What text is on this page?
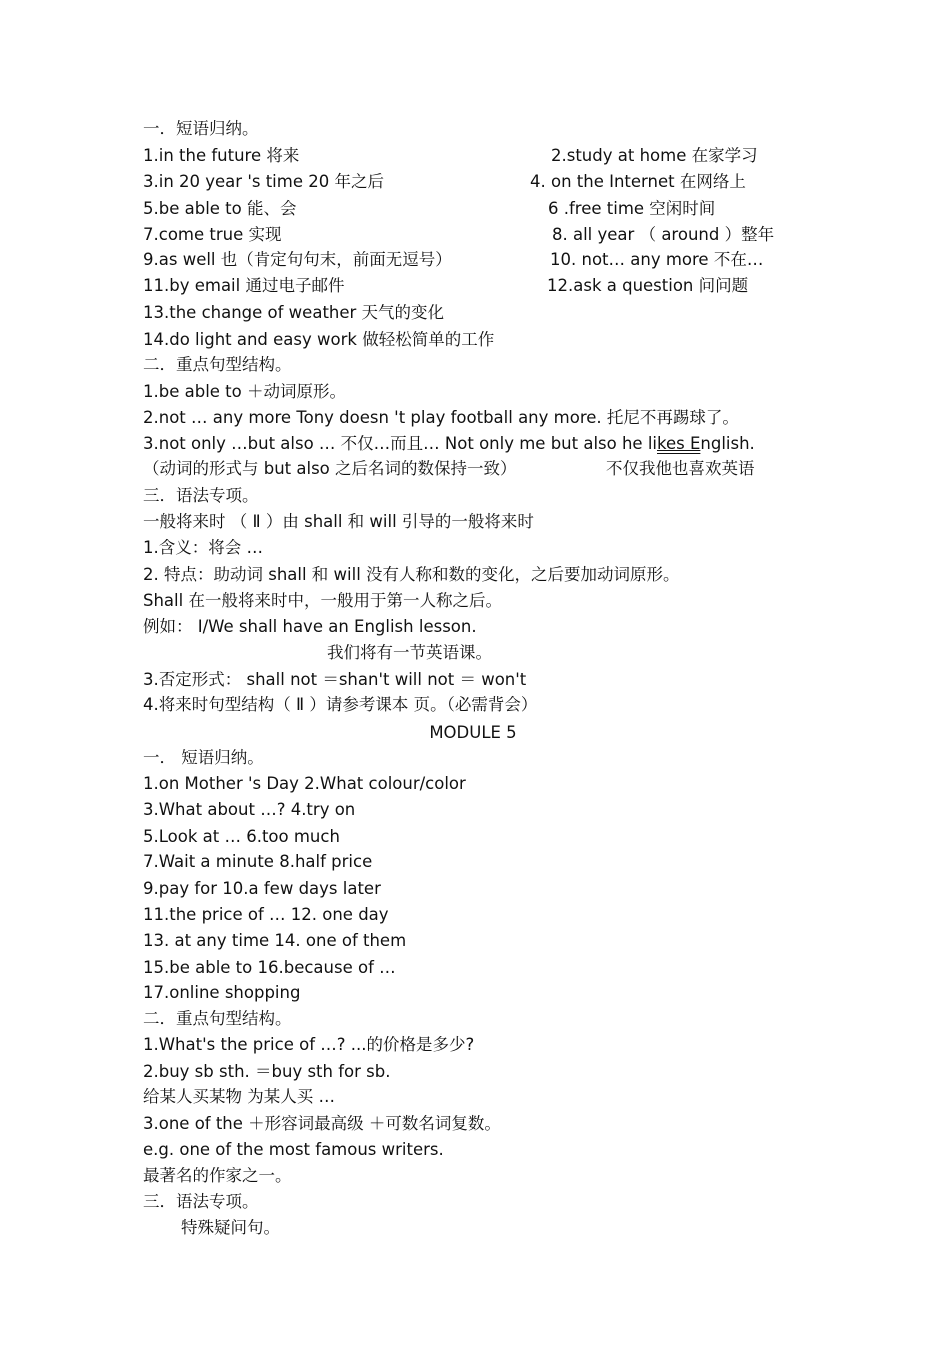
一．短语归纳。
1.in the future 将来	2.study at home 在家学习
3.in 20 year 's time 20 年之后	4. on the Internet 在网络上
5.be able to 能、会	6 .free time 空闲时间
7.come true 实现	8. all year （ around ）整年
9.as well 也（肯定句句末，前面无逗号）	10. not… any more 不在…
11.by email 通过电子邮件	12.ask a question 问问题
13.the change of weather 天气的变化
14.do light and easy work 做轻松简单的工作
二．重点句型结构。
1.be able to ＋动词原形。
2.not … any more Tony doesn 't play football any more. 托尼不再踢球了。
3.not only …but also … 不仅…而且… Not only me but also he likes English.
（动词的形式与 but also 之后名词的数保持一致）	不仅我他也喜欢英语
三．语法专项。
一般将来时 （ Ⅱ ）由 shall 和 will 引导的一般将来时
1.含义：将会 …
2. 特点：助动词 shall 和 will 没有人称和数的变化，之后要加动词原形。
Shall 在一般将来时中，一般用于第一人称之后。
例如： I/We shall have an English lesson.
我们将有一节英语课。
3.否定形式： shall not ＝shan't will not ＝ won't
4.将来时句型结构（ Ⅱ ）请参考课本 页。（必需背会）
MODULE 5
一． 短语归纳。
1.on Mother 's Day 2.What colour/color
3.What about …? 4.try on
5.Look at … 6.too much
7.Wait a minute 8.half price
9.pay for 10.a few days later
11.the price of … 12. one day
13. at any time 14. one of them
15.be able to 16.because of …
17.online shopping
二．重点句型结构。
1.What's the price of …? ...的价格是多少?
2.buy sb sth. ＝buy sth for sb.
给某人买某物 为某人买 …
3.one of the ＋形容词最高级 ＋可数名词复数。
e.g. one of the most famous writers.
最著名的作家之一。
三．语法专项。
特殊疑问句。
